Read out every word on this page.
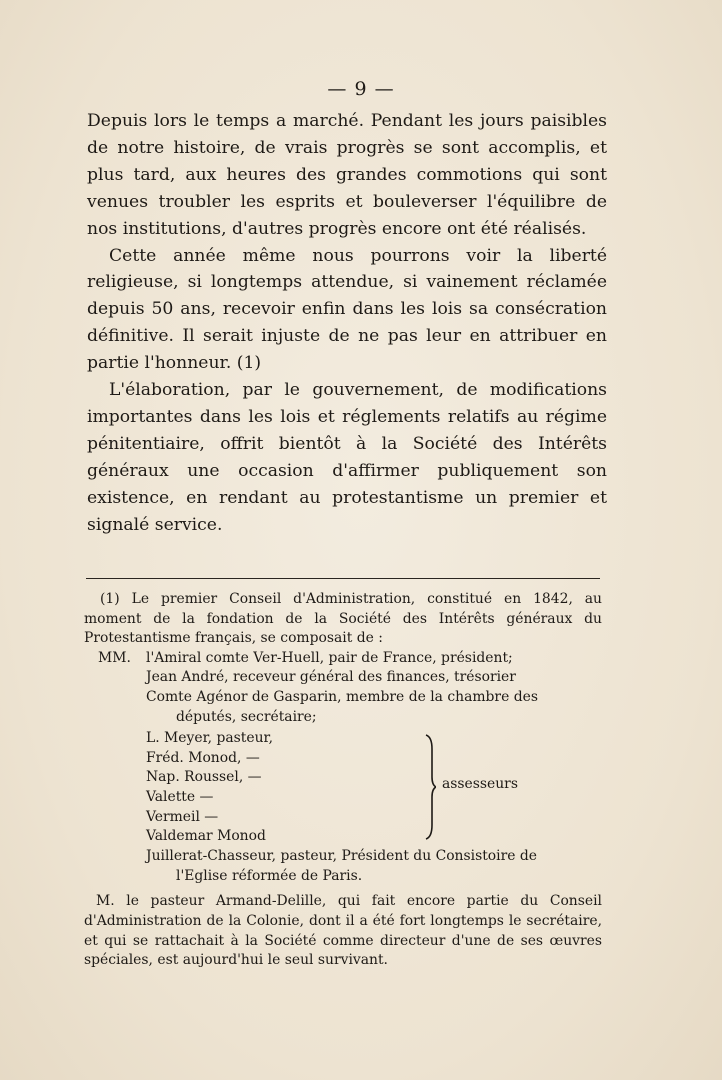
— 9 —

Depuis lors le temps a marché. Pendant les jours paisibles de notre histoire, de vrais progrès se sont accomplis, et plus tard, aux heures des grandes commotions qui sont venues troubler les esprits et bouleverser l'équilibre de nos institutions, d'autres progrès encore ont été réalisés.

Cette année même nous pourrons voir la liberté religieuse, si longtemps attendue, si vainement réclamée depuis 50 ans, recevoir enfin dans les lois sa consécration définitive. Il serait injuste de ne pas leur en attribuer en partie l'honneur. (1)

L'élaboration, par le gouvernement, de modifications importantes dans les lois et réglements relatifs au régime pénitentiaire, offrit bientôt à la Société des Intérêts généraux une occasion d'affirmer publiquement son existence, en rendant au protestantisme un premier et signalé service.

(1) Le premier Conseil d'Administration, constitué en 1842, au moment de la fondation de la Société des Intérêts généraux du Protestantisme français, se composait de :

MM.	l'Amiral comte Ver-Huell, pair de France, président;
Jean André, receveur général des finances, trésorier
Comte Agénor de Gasparin, membre de la chambre des
députés, secrétaire;
L. Meyer, pasteur,
Fréd. Monod, —
Nap. Roussel, —
Valette —
Vermeil —
Valdemar Monod
assesseurs
Juillerat-Chasseur, pasteur, Président du Consistoire de
l'Eglise réformée de Paris.

M. le pasteur Armand-Delille, qui fait encore partie du Conseil d'Administration de la Colonie, dont il a été fort longtemps le secrétaire, et qui se rattachait à la Société comme directeur d'une de ses œuvres spéciales, est aujourd'hui le seul survivant.
